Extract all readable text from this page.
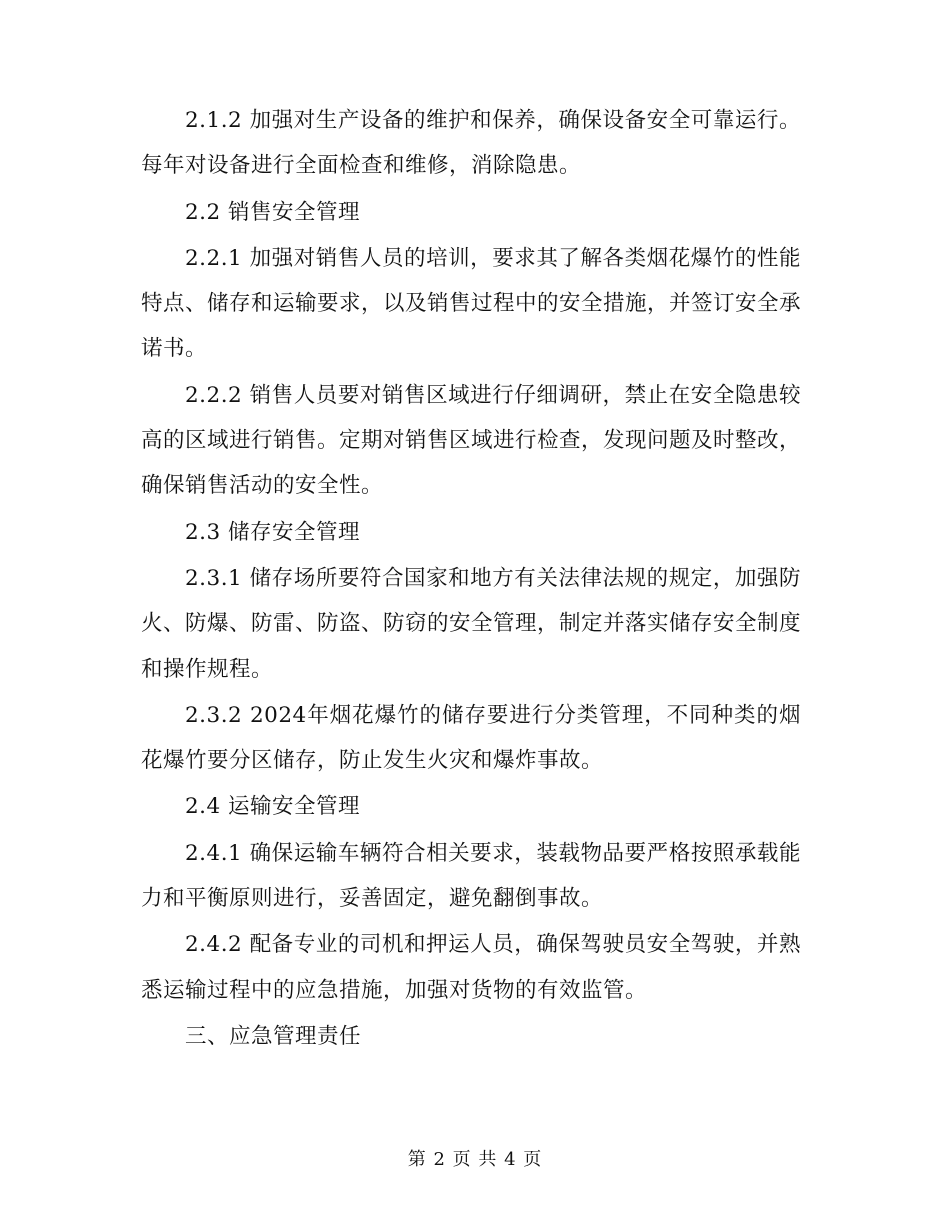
2.1.2 加强对生产设备的维护和保养，确保设备安全可靠运行。每年对设备进行全面检查和维修，消除隐患。

2.2 销售安全管理

2.2.1 加强对销售人员的培训，要求其了解各类烟花爆竹的性能特点、储存和运输要求，以及销售过程中的安全措施，并签订安全承诺书。

2.2.2 销售人员要对销售区域进行仔细调研，禁止在安全隐患较高的区域进行销售。定期对销售区域进行检查，发现问题及时整改，确保销售活动的安全性。

2.3 储存安全管理

2.3.1 储存场所要符合国家和地方有关法律法规的规定，加强防火、防爆、防雷、防盗、防窃的安全管理，制定并落实储存安全制度和操作规程。

2.3.2 2024年烟花爆竹的储存要进行分类管理，不同种类的烟花爆竹要分区储存，防止发生火灾和爆炸事故。

2.4 运输安全管理

2.4.1 确保运输车辆符合相关要求，装载物品要严格按照承载能力和平衡原则进行，妥善固定，避免翻倒事故。

2.4.2 配备专业的司机和押运人员，确保驾驶员安全驾驶，并熟悉运输过程中的应急措施，加强对货物的有效监管。

三、应急管理责任

第 2 页 共 4 页
